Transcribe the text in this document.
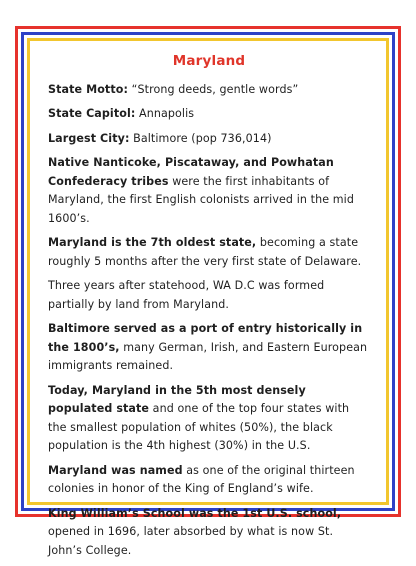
Maryland
State Motto: “Strong deeds, gentle words”
State Capitol: Annapolis
Largest City: Baltimore (pop 736,014)
Native Nanticoke, Piscataway, and Powhatan Confederacy tribes were the first inhabitants of Maryland, the first English colonists arrived in the mid 1600’s.
Maryland is the 7th oldest state, becoming a state roughly 5 months after the very first state of Delaware.
Three years after statehood, WA D.C was formed partially by land from Maryland.
Baltimore served as a port of entry historically in the 1800’s, many German, Irish, and Eastern European immigrants remained.
Today, Maryland in the 5th most densely populated state and one of the top four states with the smallest population of whites (50%), the black population is the 4th highest (30%) in the U.S.
Maryland was named as one of the original thirteen colonies in honor of the King of England’s wife.
King William’s School was the 1st U.S. school, opened in 1696, later absorbed by what is now St. John’s College.
